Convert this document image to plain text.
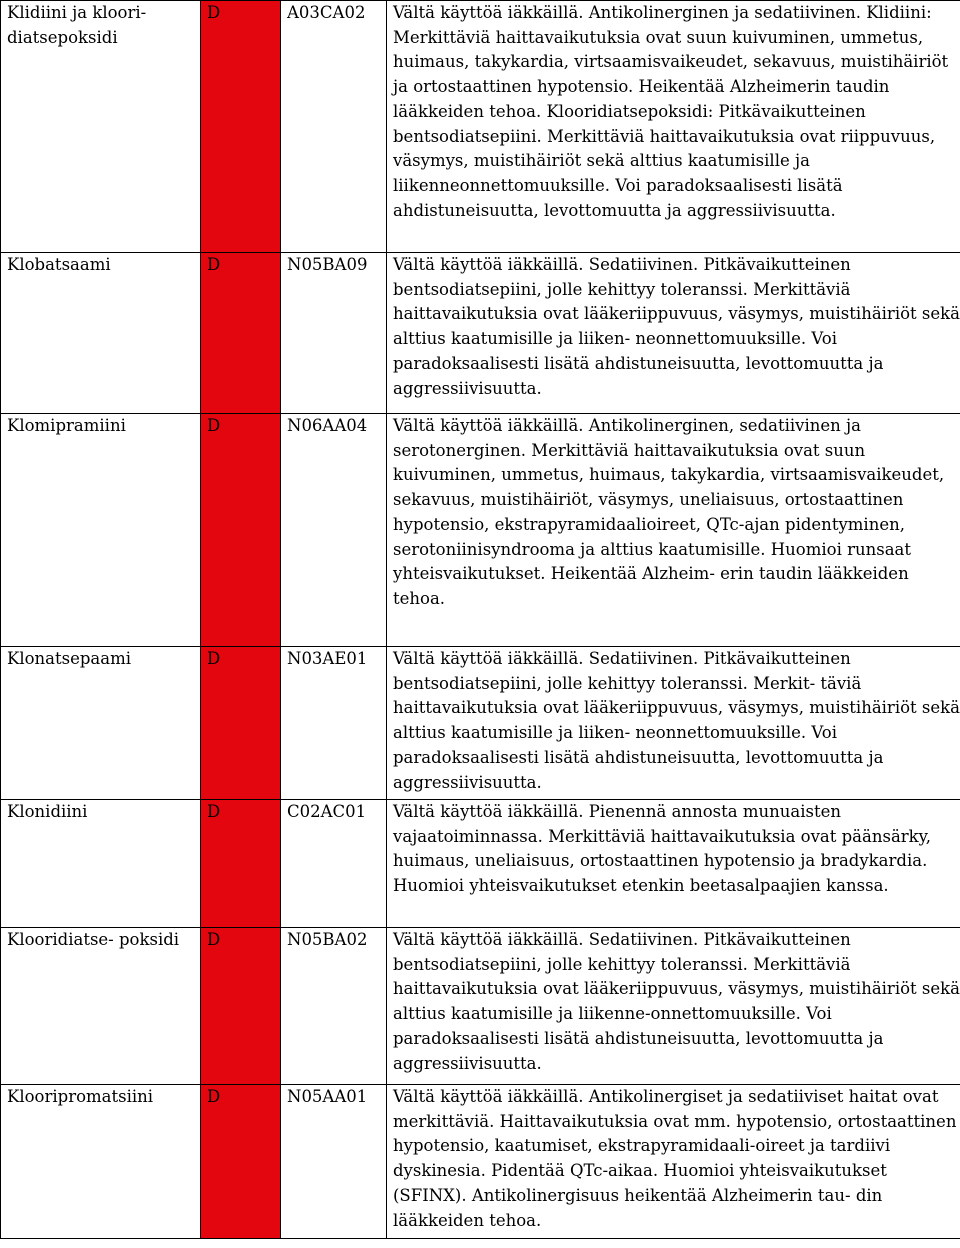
Klidiini ja kloori- diatsepoksidi	D	A03CA02	Vältä käyttöä iäkkäillä. Antikolinerginen ja sedatiivinen. Klidiini: Merkittäviä haittavaikutuksia ovat suun kuivuminen, ummetus, huimaus, takykardia, virtsaamisvaikeudet, sekavuus, muistihäiriöt ja ortostaattinen hypotensio. Heikentää Alzheimerin taudin lääkkeiden tehoa. Klooridiatsepoksidi: Pitkävaikutteinen bentsodiatsepiini. Merkittäviä haittavaikutuksia ovat riippuvuus, väsymys, muistihäiriöt sekä alttius kaatumisille ja liikenneonnettomuuksille. Voi paradoksaalisesti lisätä ahdistuneisuutta, levottomuutta ja aggressiivisuutta.
Klobatsaami	D	N05BA09	Vältä käyttöä iäkkäillä. Sedatiivinen. Pitkävaikutteinen bentsodiatsepiini, jolle kehittyy toleranssi. Merkittäviä haittavaikutuksia ovat lääkeriippuvuus, väsymys, muistihäiriöt sekä alttius kaatumisille ja liiken- neonnettomuuksille. Voi paradoksaalisesti lisätä ahdistuneisuutta, levottomuutta ja aggressiivisuutta.
Klomipramiini	D	N06AA04	Vältä käyttöä iäkkäillä. Antikolinerginen, sedatiivinen ja serotonerginen. Merkittäviä haittavaikutuksia ovat suun kuivuminen, ummetus, huimaus, takykardia, virtsaamisvaikeudet, sekavuus, muistihäiriöt, väsymys, uneliaisuus, ortostaattinen hypotensio, ekstrapyramidaalioireet, QTc-ajan pidentyminen, serotoniinisyndrooma ja alttius kaatumisille. Huomioi runsaat yhteisvaikutukset. Heikentää Alzheim- erin taudin lääkkeiden tehoa.
Klonatsepaami	D	N03AE01	Vältä käyttöä iäkkäillä. Sedatiivinen. Pitkävaikutteinen bentsodiatsepiini, jolle kehittyy toleranssi. Merkit- täviä haittavaikutuksia ovat lääkeriippuvuus, väsymys, muistihäiriöt sekä alttius kaatumisille ja liiken- neonnettomuuksille. Voi paradoksaalisesti lisätä ahdistuneisuutta, levottomuutta ja aggressiivisuutta.
Klonidiini	D	C02AC01	Vältä käyttöä iäkkäillä. Pienennä annosta munuaisten vajaatoiminnassa. Merkittäviä haittavaikutuksia ovat päänsärky, huimaus, uneliaisuus, ortostaattinen hypotensio ja bradykardia. Huomioi yhteisvaikutukset etenkin beetasalpaajien kanssa.
Klooridiatse- poksidi	D	N05BA02	Vältä käyttöä iäkkäillä. Sedatiivinen. Pitkävaikutteinen bentsodiatsepiini, jolle kehittyy toleranssi. Merkittäviä haittavaikutuksia ovat lääkeriippuvuus, väsymys, muistihäiriöt sekä alttius kaatumisille ja liikenne-onnettomuuksille. Voi paradoksaalisesti lisätä ahdistuneisuutta, levottomuutta ja aggressiivisuutta.
Klooripromatsiini	D	N05AA01	Vältä käyttöä iäkkäillä. Antikolinergiset ja sedatiiviset haitat ovat merkittäviä. Haittavaikutuksia ovat mm. hypotensio, ortostaattinen hypotensio, kaatumiset, ekstrapyramidaali-oireet ja tardiivi dyskinesia. Pidentää QTc-aikaa. Huomioi yhteisvaikutukset (SFINX). Antikolinergisuus heikentää Alzheimerin tau- din lääkkeiden tehoa.
